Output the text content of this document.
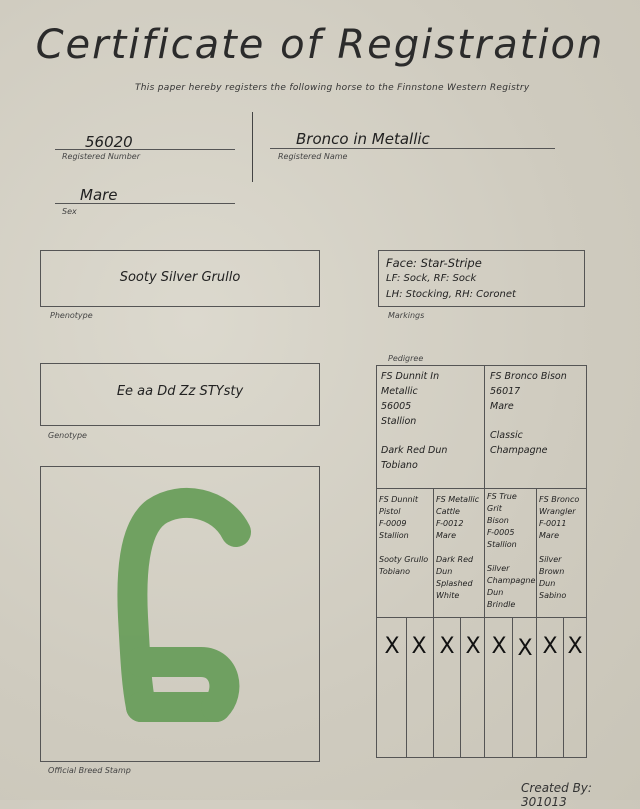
Certificate of Registration
This paper hereby registers the following horse to the Finnstone Western Registry
56020
Registered Number
Bronco in Metallic
Registered Name
Mare
Sex
Sooty Silver Grullo
Phenotype
Face: Star-Stripe
LF: Sock, RF: Sock
LH: Stocking, RH: Coronet
Markings
Ee aa Dd Zz STYsty
Genotype
Official Breed Stamp
Pedigree
FS Dunnit In
Metallic
56005
Stallion
Dark Red Dun
Tobiano
FS Bronco Bison
56017
Mare
Classic
Champagne
FS Dunnit
Pistol
F-0009
Stallion
Sooty Grullo
Tobiano
FS Metallic
Cattle
F-0012
Mare
Dark Red
Dun
Splashed
White
FS True
Grit
Bison
F-0005
Stallion
Silver
Champagne
Dun
Brindle
FS Bronco
Wrangler
F-0011
Mare
Silver
Brown
Dun
Sabino
X X X X X X X X
Created By: 301013
